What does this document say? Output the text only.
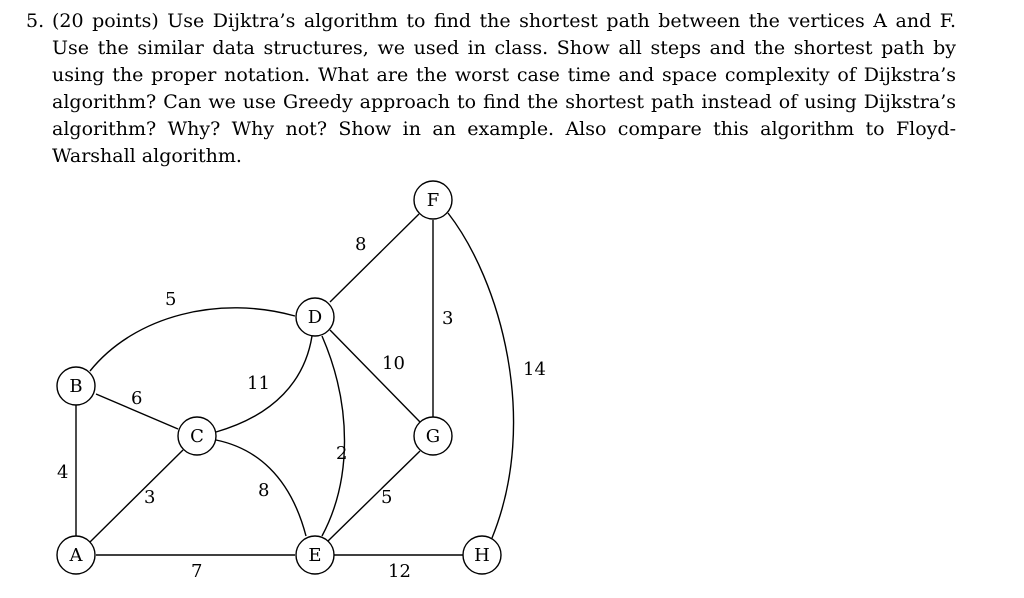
5. (20 points) Use Dijktra’s algorithm to find the shortest path between the vertices A and F. Use the similar data structures, we used in class. Show all steps and the shortest path by using the proper notation. What are the worst case time and space complexity of Dijkstra’s algorithm? Can we use Greedy approach to find the shortest path instead of using Dijkstra’s algorithm? Why? Why not? Show in an example. Also compare this algorithm to Floyd-Warshall algorithm.
4
3
7
6
5
11
8
2
8
10
5
12
3
14
A
B
C
D
E
F
G
H
